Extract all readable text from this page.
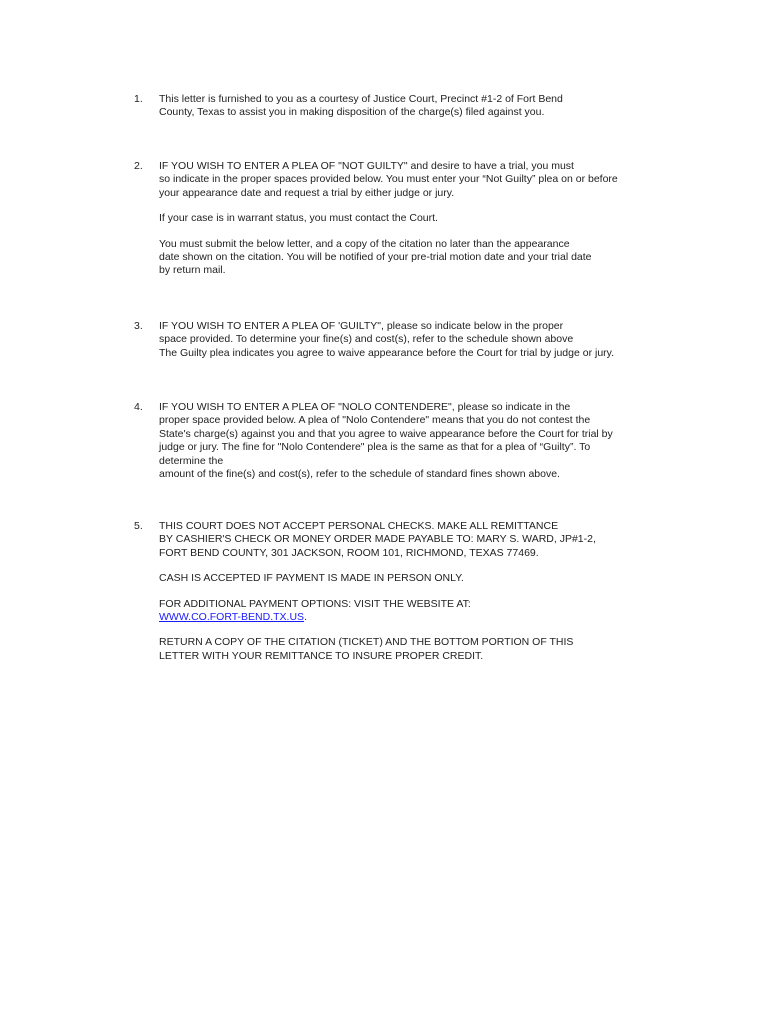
1.	This letter is furnished to you as a courtesy of Justice Court, Precinct #1-2 of Fort Bend
County, Texas to assist you in making disposition of the charge(s) filed against you.
2.	IF YOU WISH TO ENTER A PLEA OF "NOT GUILTY" and desire to have a trial, you must
so indicate in the proper spaces provided below. You must enter your “Not Guilty” plea on or before
your appearance date and request a trial by either judge or jury.
If your case is in warrant status, you must contact the Court.
You must submit the below letter, and a copy of the citation no later than the appearance
date shown on the citation. You will be notified of your pre-trial motion date and your trial date
by return mail.
3.	IF YOU WISH TO ENTER A PLEA OF 'GUILTY", please so indicate below in the proper
space provided. To determine your fine(s) and cost(s), refer to the schedule shown above
The Guilty plea indicates you agree to waive appearance before the Court for trial by judge or jury.
4.	IF YOU WISH TO ENTER A PLEA OF "NOLO CONTENDERE", please so indicate in the
proper space provided below. A plea of "Nolo Contendere" means that you do not contest the
State's charge(s) against you and that you agree to waive appearance before the Court for trial by
judge or jury. The fine for "Nolo Contendere" plea is the same as that for a plea of “Guilty”. To
determine the
amount of the fine(s) and cost(s), refer to the schedule of standard fines shown above.
5.	THIS COURT DOES NOT ACCEPT PERSONAL CHECKS. MAKE ALL REMITTANCE
BY CASHIER'S CHECK OR MONEY ORDER MADE PAYABLE TO: MARY S. WARD, JP#1-2,
FORT BEND COUNTY, 301 JACKSON, ROOM 101, RICHMOND, TEXAS 77469.
CASH IS ACCEPTED IF PAYMENT IS MADE IN PERSON ONLY.
FOR ADDITIONAL PAYMENT OPTIONS: VISIT THE WEBSITE AT:
WWW.CO.FORT-BEND.TX.US.
RETURN A COPY OF THE CITATION (TICKET) AND THE BOTTOM PORTION OF THIS
LETTER WITH YOUR REMITTANCE TO INSURE PROPER CREDIT.
